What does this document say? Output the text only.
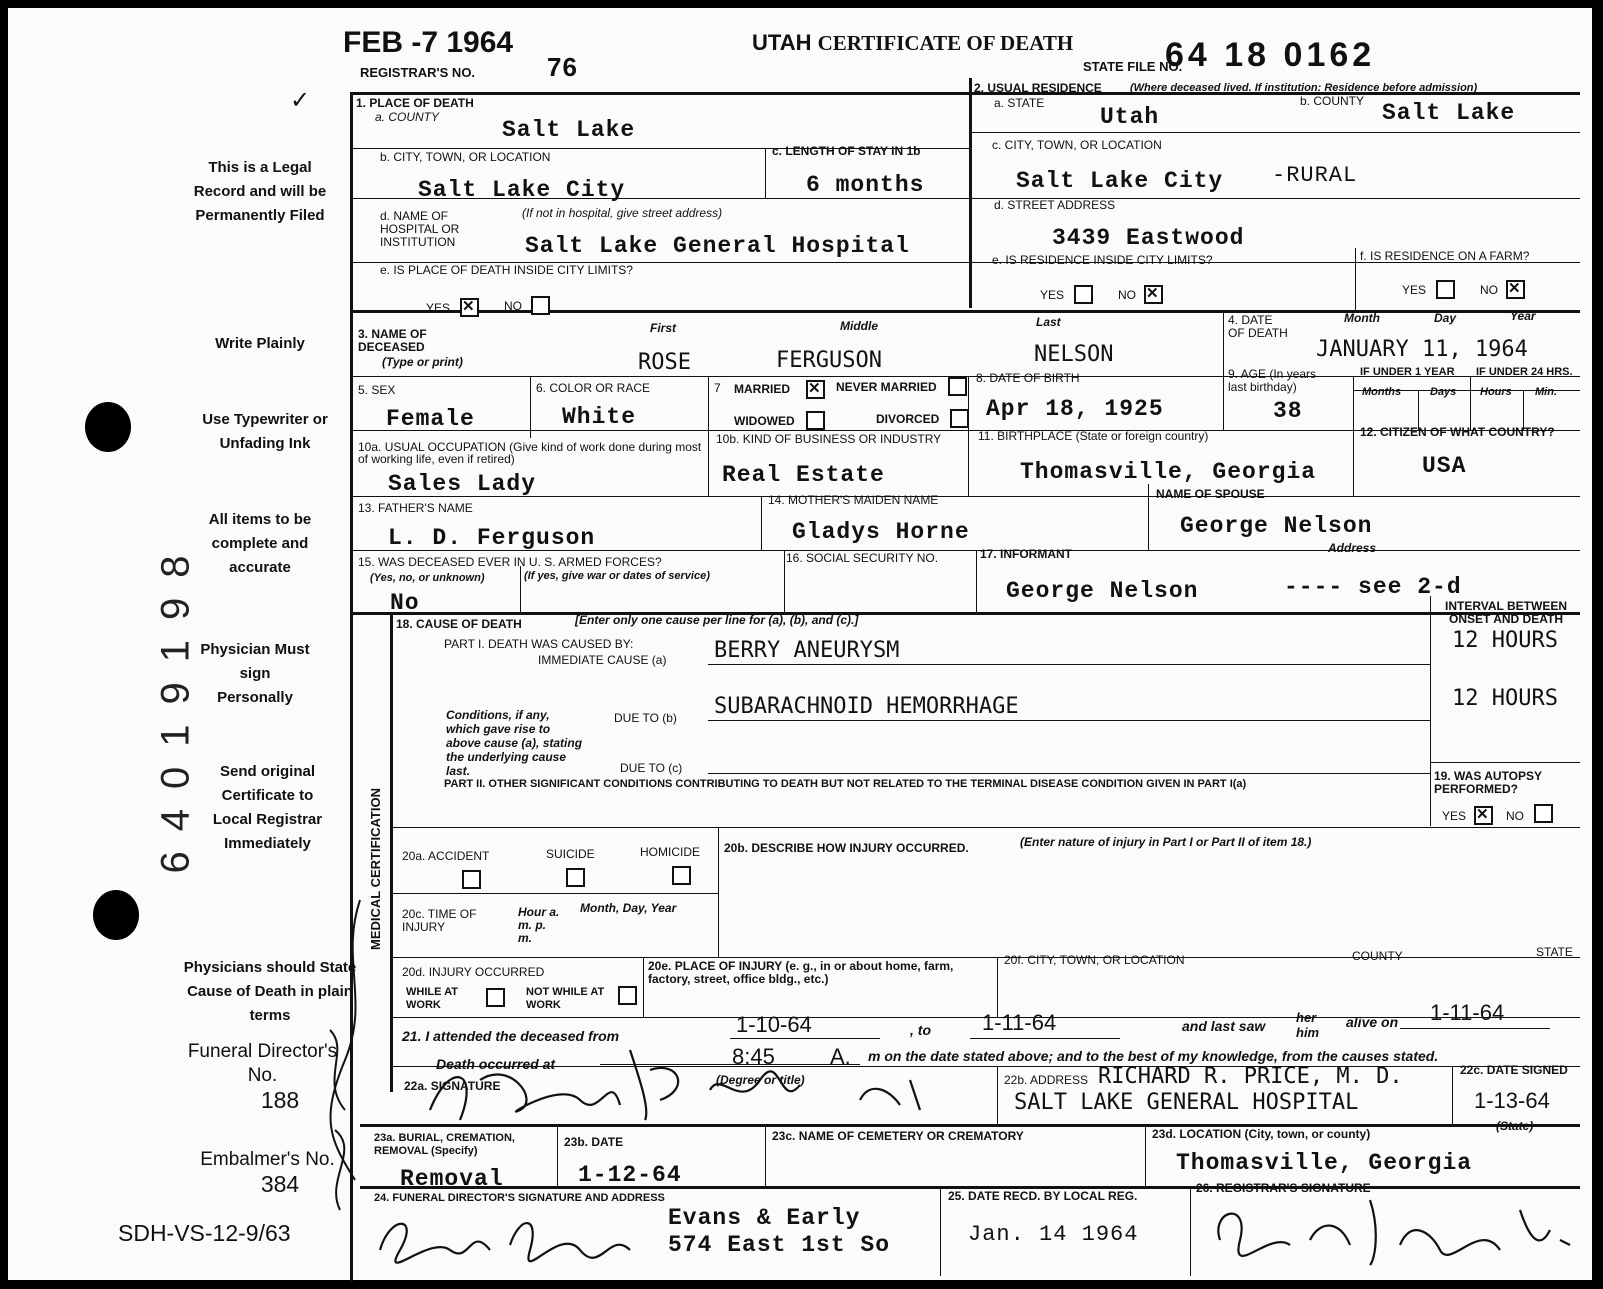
FEB -7 1964
REGISTRAR'S NO.	76
UTAH CERTIFICATE OF DEATH
STATE FILE NO.
64 18 0162
✓
This is a Legal Record and will be Permanently Filed
Write Plainly
Use Typewriter or Unfading Ink
All items to be complete and accurate
Physician Must sign Personally
Send original Certificate to Local Registrar Immediately
Physicians should State Cause of Death in plain terms
Funeral Director's No.
188
Embalmer's No.
384
SDH-VS-12-9/63
64019198
1. PLACE OF DEATH
a. COUNTY	Salt Lake
b. CITY, TOWN, OR LOCATION
Salt Lake City
c. LENGTH OF STAY IN 1b
6 months
d. NAME OF HOSPITAL OR INSTITUTION
(If not in hospital, give street address)
Salt Lake General Hospital
e. IS PLACE OF DEATH INSIDE CITY LIMITS?
YES ✕	NO
2. USUAL RESIDENCE	(Where deceased lived. If institution: Residence before admission)
a. STATE
Utah
b. COUNTY Salt Lake
c. CITY, TOWN, OR LOCATION
Salt Lake City -RURAL
d. STREET ADDRESS
3439 Eastwood
e. IS RESIDENCE INSIDE CITY LIMITS?
YES	NO
✕
f. IS RESIDENCE ON A FARM?
YES	NO
✕
3. NAME OF DECEASED
(Type or print)
First	Middle	Last
ROSE	FERGUSON	NELSON
4. DATE OF DEATH
Month	Day	Year
JANUARY 11, 1964
5. SEX
Female
6. COLOR OR RACE
White
7 MARRIED ✕	NEVER MARRIED
WIDOWED	DIVORCED
8. DATE OF BIRTH
Apr 18, 1925
9. AGE (In years last birthday)
38
IF UNDER 1 YEAR IF UNDER 24 HRS.
Months	Days Hours Min.
10a. USUAL OCCUPATION (Give kind of work done during most of working life, even if retired)
Sales Lady
10b. KIND OF BUSINESS OR INDUSTRY
Real Estate
11. BIRTHPLACE (State or foreign country)
Thomasville, Georgia
12. CITIZEN OF WHAT COUNTRY?
USA
13. FATHER'S NAME
L. D. Ferguson
14. MOTHER'S MAIDEN NAME
Gladys Horne
NAME OF SPOUSE
George Nelson
15. WAS DECEASED EVER IN U. S. ARMED FORCES?
(Yes, no, or unknown)	(If yes, give war or dates of service)
No
16. SOCIAL SECURITY NO.	17. INFORMANT	Address
George Nelson	---- see 2-d
MEDICAL CERTIFICATION
18. CAUSE OF DEATH	[Enter only one cause per line for (a), (b), and (c).]
PART I. DEATH WAS CAUSED BY:
IMMEDIATE CAUSE (a) BERRY ANEURYSM
Conditions, if any, which gave rise to above cause (a), stating the underlying cause last.
DUE TO (b) SUBARACHNOID HEMORRHAGE
DUE TO (c)
PART II. OTHER SIGNIFICANT CONDITIONS CONTRIBUTING TO DEATH BUT NOT RELATED TO THE TERMINAL DISEASE CONDITION GIVEN IN PART I(a)
INTERVAL BETWEEN ONSET AND DEATH
12 HOURS
12 HOURS
19. WAS AUTOPSY PERFORMED?
YES ✕	NO
20a. ACCIDENT	SUICIDE	HOMICIDE 20b. DESCRIBE HOW INJURY OCCURRED.	(Enter nature of injury in Part I or Part II of item 18.)
20c. TIME OF INJURY
Hour a. m. p. m.
Month, Day, Year
20d. INJURY OCCURRED
WHILE AT WORK
NOT WHILE AT WORK
20e. PLACE OF INJURY (e. g., in or about home, farm, factory, street, office bldg., etc.)
20f. CITY, TOWN, OR LOCATION	COUNTY	STATE
21. I attended the deceased from	1-10-64	, to 1-11-64	and last saw
her him
alive on 1-11-64
Death occurred at	8:45	A. m on the date stated above; and to the best of my knowledge, from the causes stated.
22a. SIGNATURE	(Degree or title)	22b. ADDRESS RICHARD R. PRICE, M. D.
SALT LAKE GENERAL HOSPITAL
22c. DATE SIGNED
1-13-64
23a. BURIAL, CREMATION, REMOVAL (Specify)
Removal
23b. DATE
1-12-64
23c. NAME OF CEMETERY OR CREMATORY	23d. LOCATION (City, town, or county)
(State)
Thomasville, Georgia
24. FUNERAL DIRECTOR'S SIGNATURE AND ADDRESS
Evans & Early
574 East 1st So
25. DATE RECD. BY LOCAL REG.
Jan. 14 1964
26. REGISTRAR'S SIGNATURE
